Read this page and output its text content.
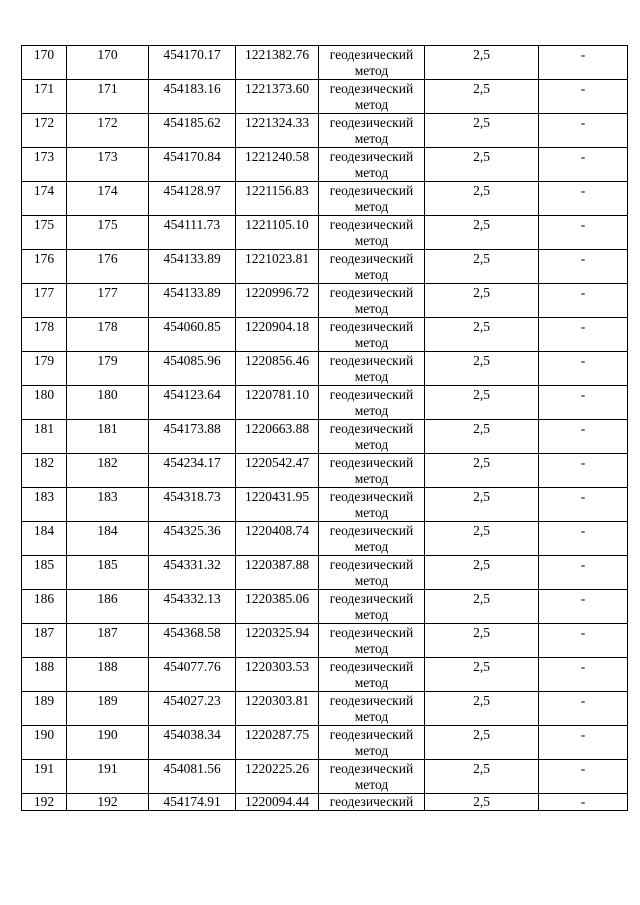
170	170	454170.17	1221382.76	геодезический метод	2,5	-
171	171	454183.16	1221373.60	геодезический метод	2,5	-
172	172	454185.62	1221324.33	геодезический метод	2,5	-
173	173	454170.84	1221240.58	геодезический метод	2,5	-
174	174	454128.97	1221156.83	геодезический метод	2,5	-
175	175	454111.73	1221105.10	геодезический метод	2,5	-
176	176	454133.89	1221023.81	геодезический метод	2,5	-
177	177	454133.89	1220996.72	геодезический метод	2,5	-
178	178	454060.85	1220904.18	геодезический метод	2,5	-
179	179	454085.96	1220856.46	геодезический метод	2,5	-
180	180	454123.64	1220781.10	геодезический метод	2,5	-
181	181	454173.88	1220663.88	геодезический метод	2,5	-
182	182	454234.17	1220542.47	геодезический метод	2,5	-
183	183	454318.73	1220431.95	геодезический метод	2,5	-
184	184	454325.36	1220408.74	геодезический метод	2,5	-
185	185	454331.32	1220387.88	геодезический метод	2,5	-
186	186	454332.13	1220385.06	геодезический метод	2,5	-
187	187	454368.58	1220325.94	геодезический метод	2,5	-
188	188	454077.76	1220303.53	геодезический метод	2,5	-
189	189	454027.23	1220303.81	геодезический метод	2,5	-
190	190	454038.34	1220287.75	геодезический метод	2,5	-
191	191	454081.56	1220225.26	геодезический метод	2,5	-
192	192	454174.91	1220094.44	геодезический	2,5	-
